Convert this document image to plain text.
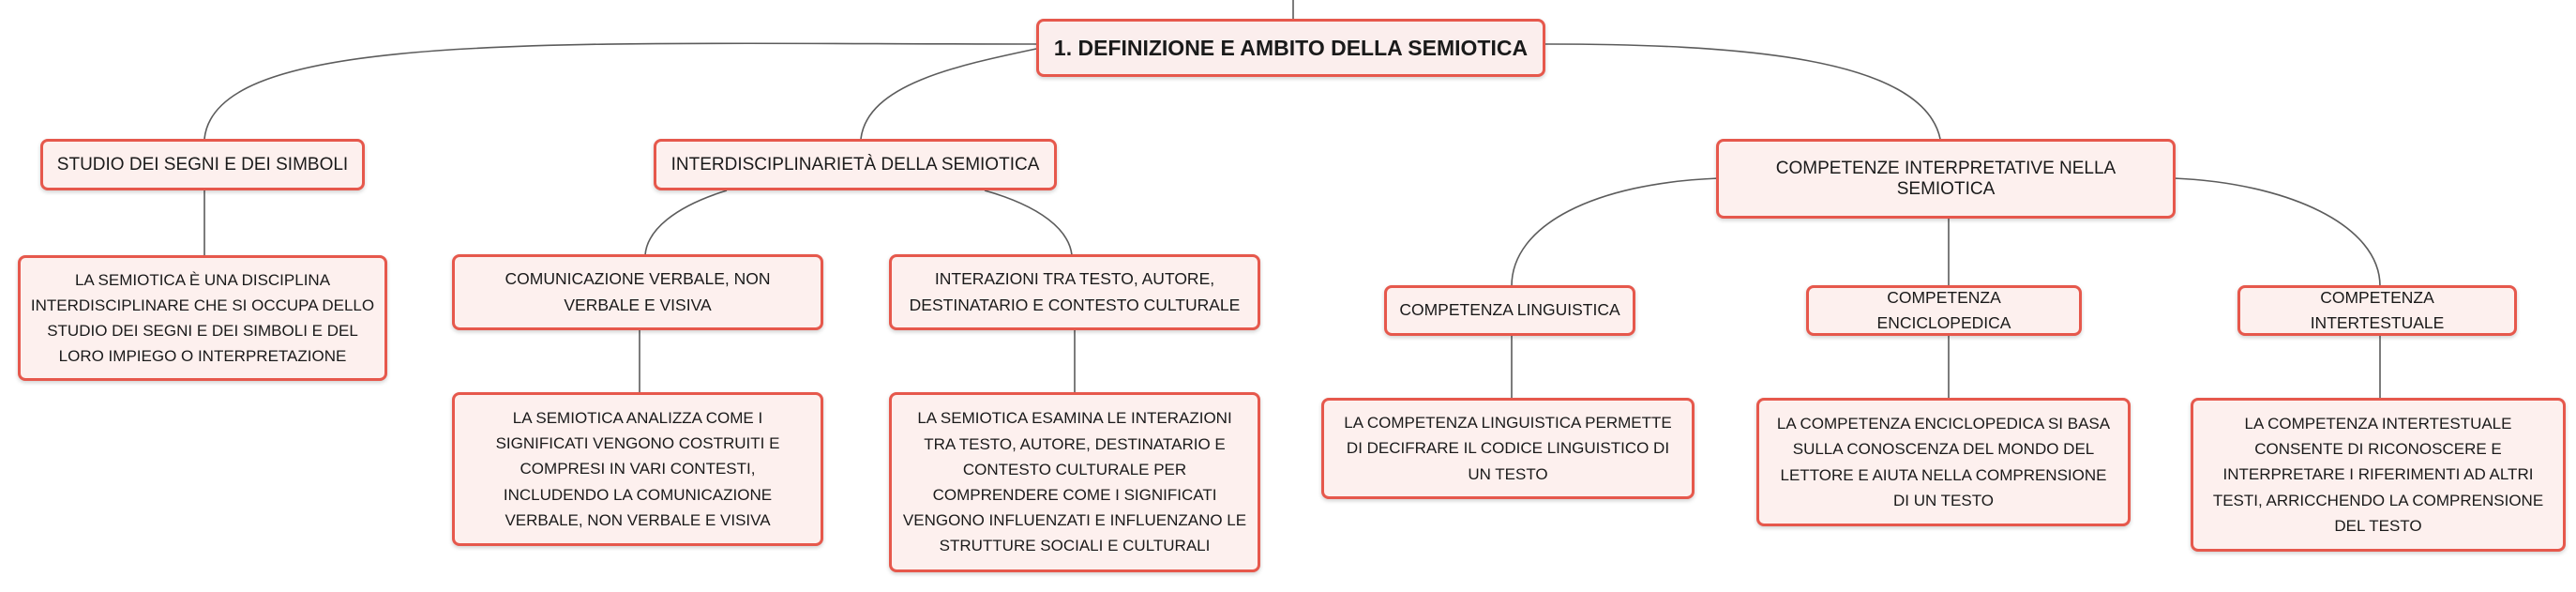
1. DEFINIZIONE E AMBITO DELLA SEMIOTICA
STUDIO DEI SEGNI E DEI SIMBOLI
LA SEMIOTICA È UNA DISCIPLINA INTERDISCIPLINARE CHE SI OCCUPA DELLO STUDIO DEI SEGNI E DEI SIMBOLI E DEL LORO IMPIEGO O INTERPRETAZIONE
INTERDISCIPLINARIETÀ DELLA SEMIOTICA
COMUNICAZIONE VERBALE, NON VERBALE E VISIVA
LA SEMIOTICA ANALIZZA COME I SIGNIFICATI VENGONO COSTRUITI E COMPRESI IN VARI CONTESTI, INCLUDENDO LA COMUNICAZIONE VERBALE, NON VERBALE E VISIVA
INTERAZIONI TRA TESTO, AUTORE, DESTINATARIO E CONTESTO CULTURALE
LA SEMIOTICA ESAMINA LE INTERAZIONI TRA TESTO, AUTORE, DESTINATARIO E CONTESTO CULTURALE PER COMPRENDERE COME I SIGNIFICATI VENGONO INFLUENZATI E INFLUENZANO LE STRUTTURE SOCIALI E CULTURALI
COMPETENZE INTERPRETATIVE NELLA SEMIOTICA
COMPETENZA LINGUISTICA
LA COMPETENZA LINGUISTICA PERMETTE DI DECIFRARE IL CODICE LINGUISTICO DI UN TESTO
COMPETENZA ENCICLOPEDICA
LA COMPETENZA ENCICLOPEDICA SI BASA SULLA CONOSCENZA DEL MONDO DEL LETTORE E AIUTA NELLA COMPRENSIONE DI UN TESTO
COMPETENZA INTERTESTUALE
LA COMPETENZA INTERTESTUALE CONSENTE DI RICONOSCERE E INTERPRETARE I RIFERIMENTI AD ALTRI TESTI, ARRICCHENDO LA COMPRENSIONE DEL TESTO
